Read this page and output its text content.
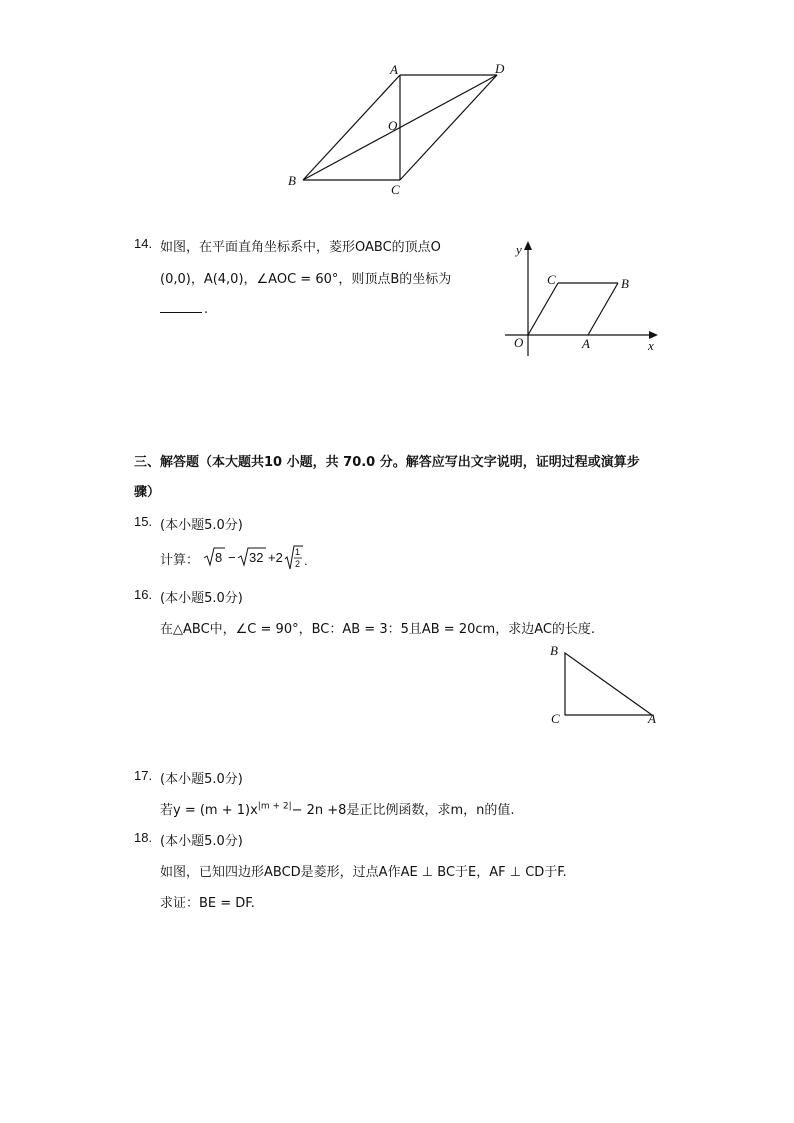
A	D
O
B
C
14. 如图，在平面直角坐标系中，菱形OABC的顶点O
(0,0)，A(4,0)，∠AOC = 60°，则顶点B的坐标为
.
y
x
O	A
B
C
三、解答题（本大题共10 小题，共 70.0 分。解答应写出文字说明，证明过程或演算步
骤）
15. (本小题5.0分)
计算： 8 − 32 +2 1
2 .
16. (本小题5.0分)
在△ABC中，∠C = 90°，BC：AB = 3：5且AB = 20cm，求边AC的长度.
B
C	A
17. (本小题5.0分)
若$y = (m + 1)x^{|m + 2|}- 2n +8$是正比例函数，求m，n的值.
18. (本小题5.0分)
如图，已知四边形ABCD是菱形，过点A作AE ⊥ BC于E，AF ⊥ CD于F.
求证：BE = DF.
